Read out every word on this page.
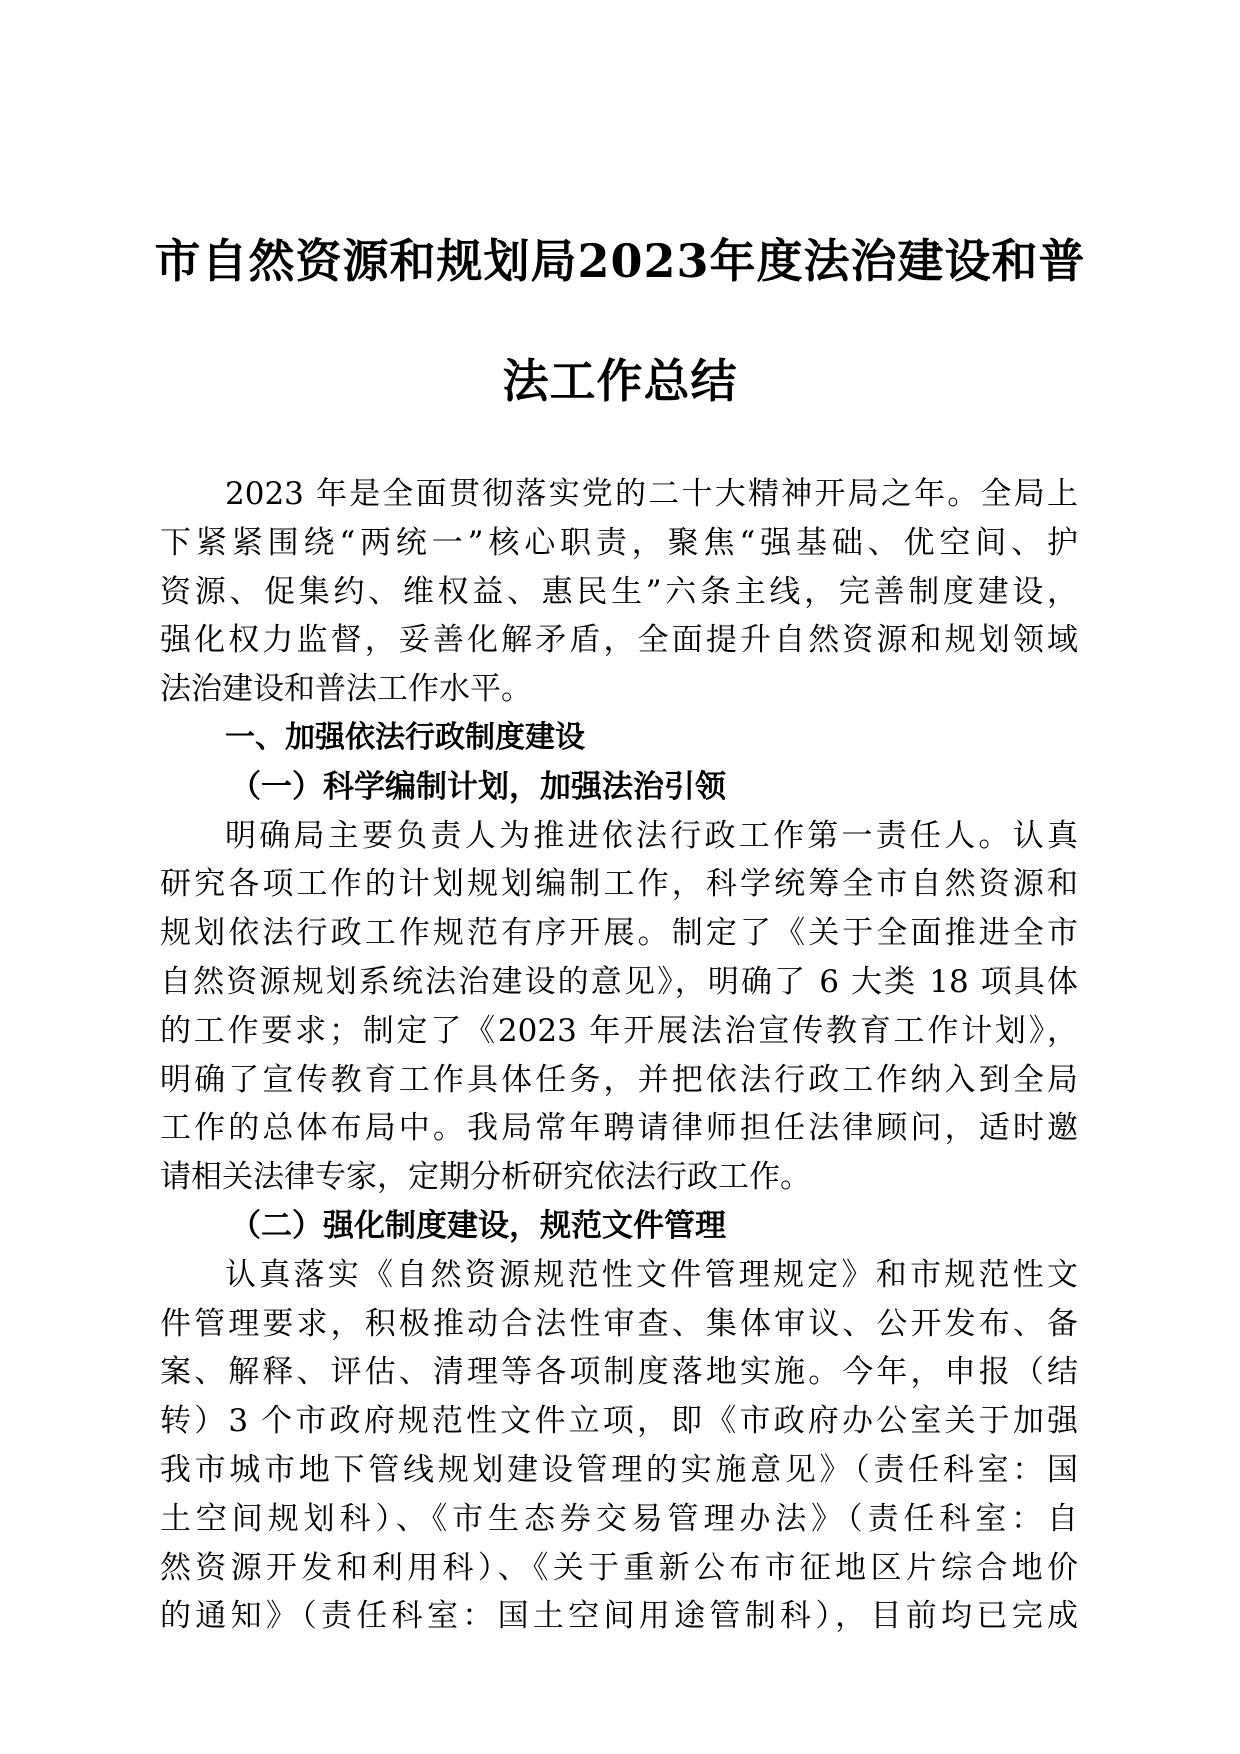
市自然资源和规划局2023年度法治建设和普
法工作总结
2023 年是全面贯彻落实党的二十大精神开局之年。全局上
下紧紧围绕“两统一”核心职责，聚焦“强基础、优空间、护
资源、促集约、维权益、惠民生”六条主线，完善制度建设，
强化权力监督，妥善化解矛盾，全面提升自然资源和规划领域
法治建设和普法工作水平。
一、加强依法行政制度建设
（一）科学编制计划，加强法治引领
明确局主要负责人为推进依法行政工作第一责任人。认真
研究各项工作的计划规划编制工作，科学统筹全市自然资源和
规划依法行政工作规范有序开展。制定了《关于全面推进全市
自然资源规划系统法治建设的意见》，明确了 6 大类 18 项具体
的工作要求；制定了《2023 年开展法治宣传教育工作计划》，
明确了宣传教育工作具体任务，并把依法行政工作纳入到全局
工作的总体布局中。我局常年聘请律师担任法律顾问，适时邀
请相关法律专家，定期分析研究依法行政工作。
（二）强化制度建设，规范文件管理
认真落实《自然资源规范性文件管理规定》和市规范性文
件管理要求，积极推动合法性审查、集体审议、公开发布、备
案、解释、评估、清理等各项制度落地实施。今年，申报（结
转）3 个市政府规范性文件立项，即《市政府办公室关于加强
我市城市地下管线规划建设管理的实施意见》（责任科室：国
土空间规划科）、《市生态券交易管理办法》（责任科室：自
然资源开发和利用科）、《关于重新公布市征地区片综合地价
的通知》（责任科室：国土空间用途管制科），目前均已完成
